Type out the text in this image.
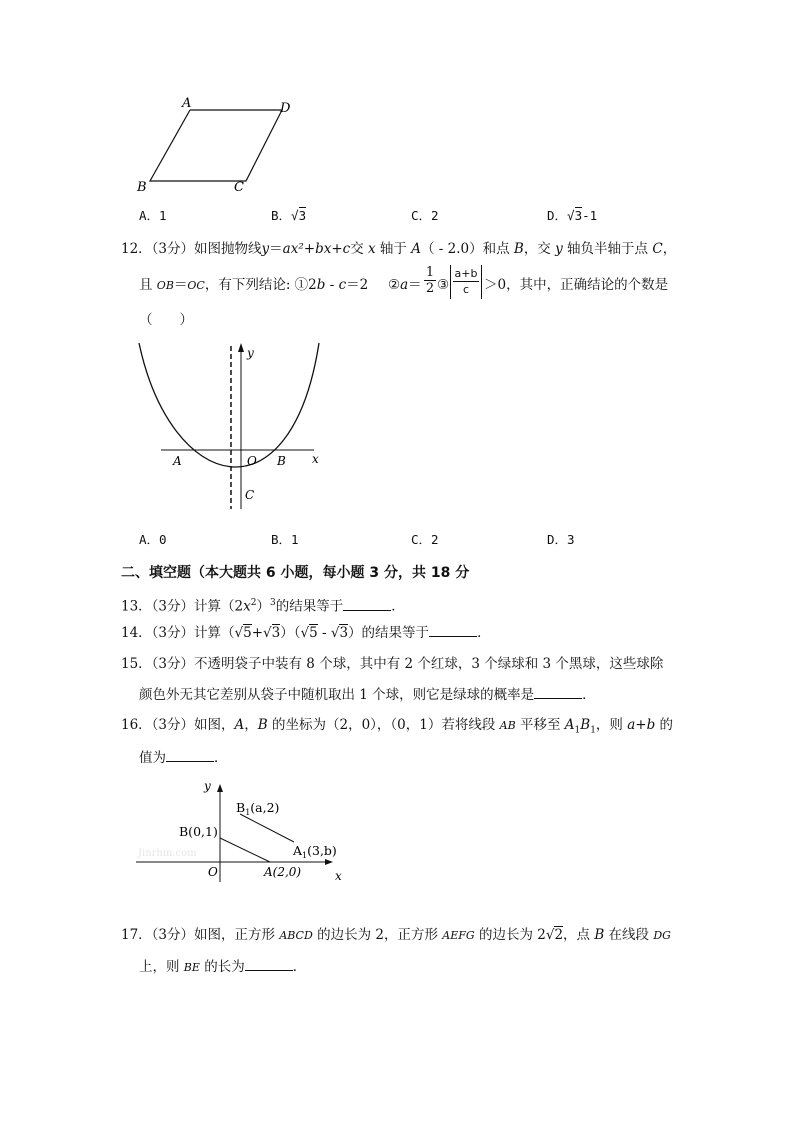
A	D
B	C
A．1	B．√3	C．2	D．√3-1
12．（3分）如图抛物线y＝ax²+bx+c交 x 轴于 A（ - 2.0）和点 B，交 y 轴负半轴于点 C，
且 OB＝OC，有下列结论: ①2b - c＝2 ②a＝ $\frac{1}{2}$ ③ $\frac{a+b}{c} >0$，其中，正确结论的个数是
（　　）
y
x
A	O B
C
A．0	B．1	C．2	D．3
二、填空题（本大题共 6 小题，每小题 3 分，共 18 分
13．（3分）计算$(2x^2)^3$的结果等于	．
14．（3分）计算（√5+√3）（√5 - √3）的结果等于	．
15．（3分）不透明袋子中装有 8 个球，其中有 2 个红球，3 个绿球和 3 个黑球，这些球除
颜色外无其它差别从袋子中随机取出 1 个球，则它是绿球的概率是	．
16．（3分）如图，A，B 的坐标为（2，0），（0，1）若将线段 AB 平移至 $A_1B_1$，则 a+b 的
值为	．
Jinrhm.com
y
x
O
B(0,1)
A(2,0)
$B_1(a,2)$
$A_1(3,b)$
17．（3分）如图，正方形 ABCD 的边长为 2，正方形 AEFG 的边长为 2√2，点 B 在线段 DG
上，则 BE 的长为	．
